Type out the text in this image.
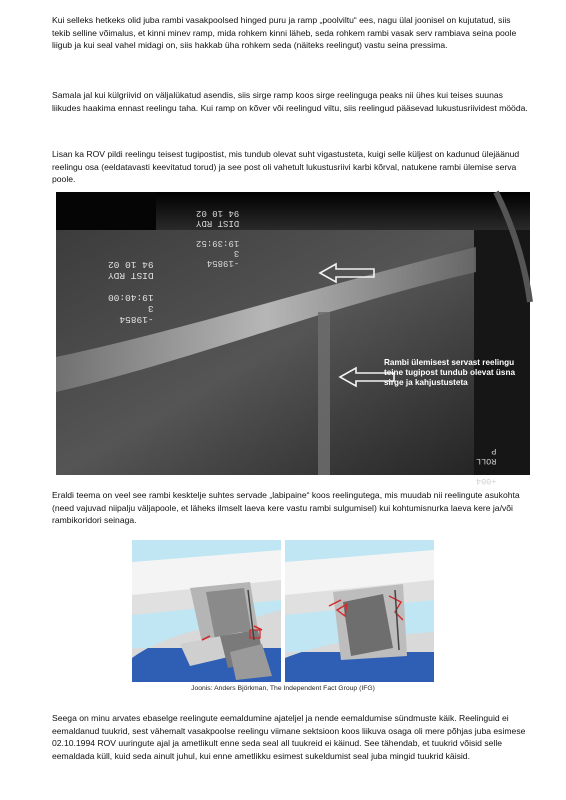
Kui selleks hetkeks olid juba rambi vasakpoolsed hinged puru ja ramp „poolviltu“ ees, nagu ülal joonisel on kujutatud, siis tekib selline võimalus, et kinni minev ramp, mida rohkem kinni läheb, seda rohkem rambi vasak serv rambiava seina poole liigub ja kui seal vahel midagi on, siis hakkab üha rohkem seda (näiteks reelingut) vastu seina pressima.

Samala jal kui külgriivid on väljalükatud asendis, siis sirge ramp koos sirge reelinguga peaks nii ühes kui teises suunas liikudes haakima ennast reelingu taha. Kui ramp on kõver või reelingud viltu, siis reelingud pääsevad lukustusriividest mööda.

Lisan ka ROV pildi reelingu teisest tugipostist, mis tundub olevat suht vigastusteta, kuigi selle küljest on kadunud ülejäänud reelingu osa (eeldatavasti keevitatud torud) ja see post oli vahetult lukustusriivi karbi kõrval, natukene rambi ülemise serva poole.

-19854
3
19:39:52

DIST RDY
94 10 02

-19854
3
19:40:00

DIST RDY
94 10 02

Rambi ülemisest servast reelingu teine tugipost tundub olevat üsna sirge ja kahjustusteta

+004

ROLL
P

Eraldi teema on veel see rambi kesktelje suhtes servade „labipaine“ koos reelingutega, mis muudab nii reelingute asukohta (need vajuvad niipalju väljapoole, et läheks ilmselt laeva kere vastu rambi sulgumisel) kui kohtumisnurka laeva kere ja/või rambikoridori seinaga.

Joonis: Anders Björkman, The Independent Fact Group (IFG)

Seega on minu arvates ebaselge reelingute eemaldumine ajateljel ja nende eemaldumise sündmuste käik. Reelinguid ei eemaldanud tuukrid, sest vähemalt vasakpoolse reelingu viimane sektsioon koos liikuva osaga oli mere põhjas juba esimese 02.10.1994 ROV uuringute ajal ja ametlikult enne seda seal all tuukreid ei käinud. See tähendab, et tuukrid võisid selle eemaldada küll, kuid seda ainult juhul, kui enne ametlikku esimest sukeldumist seal juba mingid tuukrid käisid.
